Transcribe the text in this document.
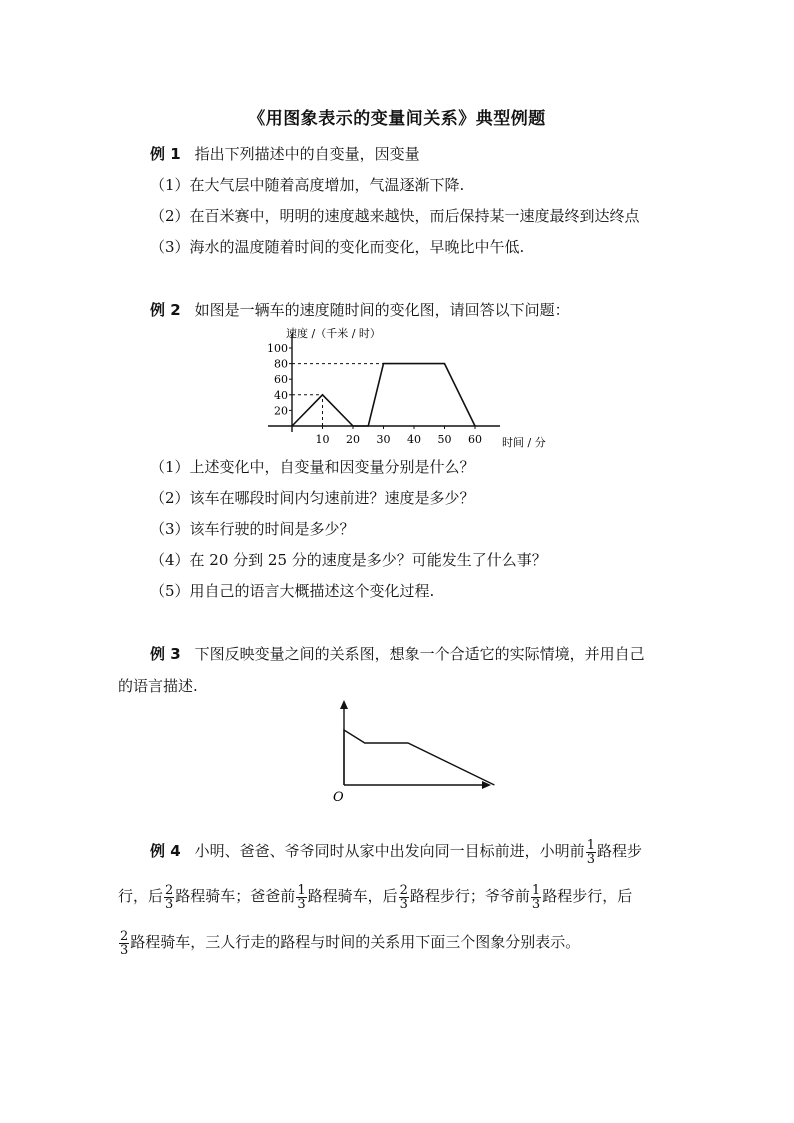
《用图象表示的变量间关系》典型例题
例 1 指出下列描述中的自变量，因变量
（1）在大气层中随着高度增加，气温逐渐下降.
（2）在百米赛中，明明的速度越来越快，而后保持某一速度最终到达终点
（3）海水的温度随着时间的变化而变化，早晚比中午低.
例 2 如图是一辆车的速度随时间的变化图，请回答以下问题：
速度 /（千米 / 时）
时间 / 分
20
40
60
80
100
10 20 30 40 50 60
（1）上述变化中，自变量和因变量分别是什么？
（2）该车在哪段时间内匀速前进？速度是多少？
（3）该车行驶的时间是多少？
（4）在 20 分到 25 分的速度是多少？可能发生了什么事？
（5）用自己的语言大概描述这个变化过程.
例 3 下图反映变量之间的关系图，想象一个合适它的实际情境，并用自己
的语言描述.
O
例 4 小明、爸爸、爷爷同时从家中出发向同一目标前进，小明前 $\frac{1}{3}$ 路程步
行，后 $\frac{2}{3}$ 路程骑车；爸爸前 $\frac{1}{3}$ 路程骑车，后 $\frac{2}{3}$ 路程步行；爷爷前 $\frac{1}{3}$ 路程步行，后
$\frac{2}{3}$ 路程骑车，三人行走的路程与时间的关系用下面三个图象分别表示。
